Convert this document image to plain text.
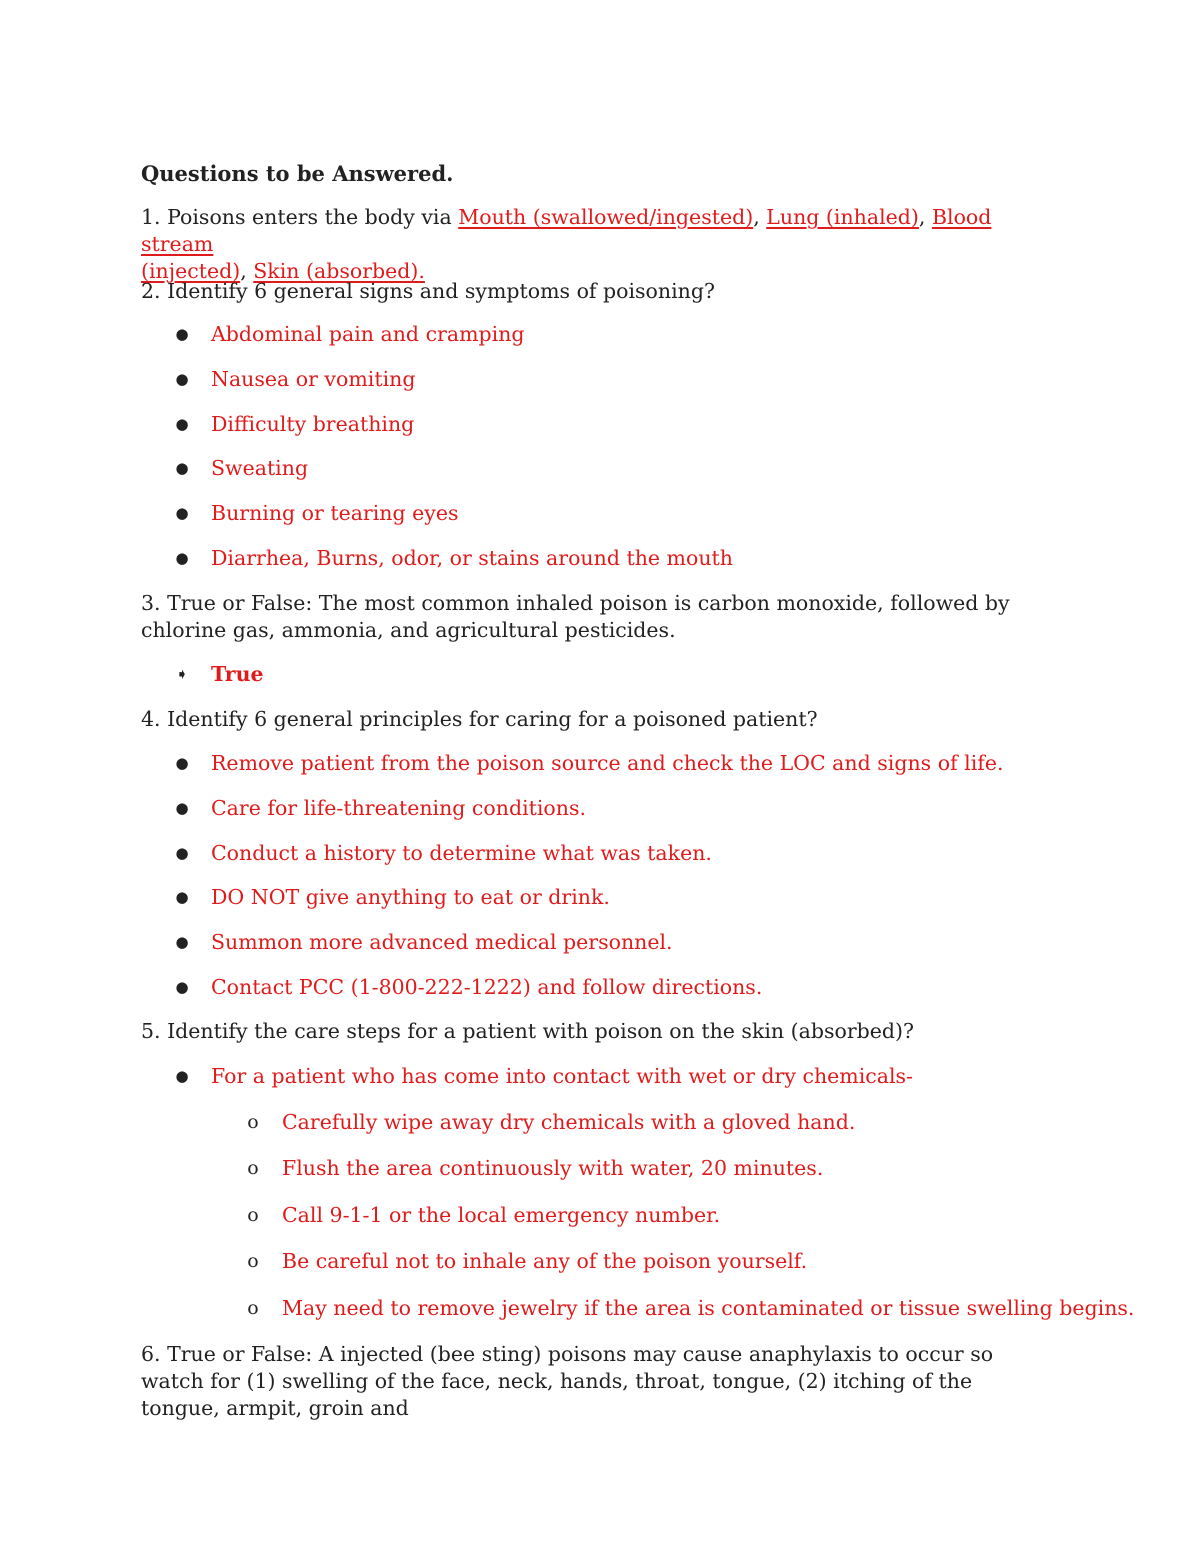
Questions to be Answered.
1. Poisons enters the body via Mouth (swallowed/ingested), Lung (inhaled), Blood stream
(injected), Skin (absorbed).
2. Identify 6 general signs and symptoms of poisoning?
● Abdominal pain and cramping
● Nausea or vomiting
● Difficulty breathing
● Sweating
● Burning or tearing eyes
● Diarrhea, Burns, odor, or stains around the mouth
3. True or False: The most common inhaled poison is carbon monoxide, followed by chlorine gas, ammonia, and agricultural pesticides.
➧ True
4. Identify 6 general principles for caring for a poisoned patient?
● Remove patient from the poison source and check the LOC and signs of life.
● Care for life-threatening conditions.
● Conduct a history to determine what was taken.
● DO NOT give anything to eat or drink.
● Summon more advanced medical personnel.
● Contact PCC (1-800-222-1222) and follow directions.
5. Identify the care steps for a patient with poison on the skin (absorbed)?
● For a patient who has come into contact with wet or dry chemicals-
o Carefully wipe away dry chemicals with a gloved hand.
o Flush the area continuously with water, 20 minutes.
o Call 9-1-1 or the local emergency number.
o Be careful not to inhale any of the poison yourself.
o May need to remove jewelry if the area is contaminated or tissue swelling begins.
6. True or False: A injected (bee sting) poisons may cause anaphylaxis to occur so watch for (1) swelling of the face, neck, hands, throat, tongue, (2) itching of the tongue, armpit, groin and
